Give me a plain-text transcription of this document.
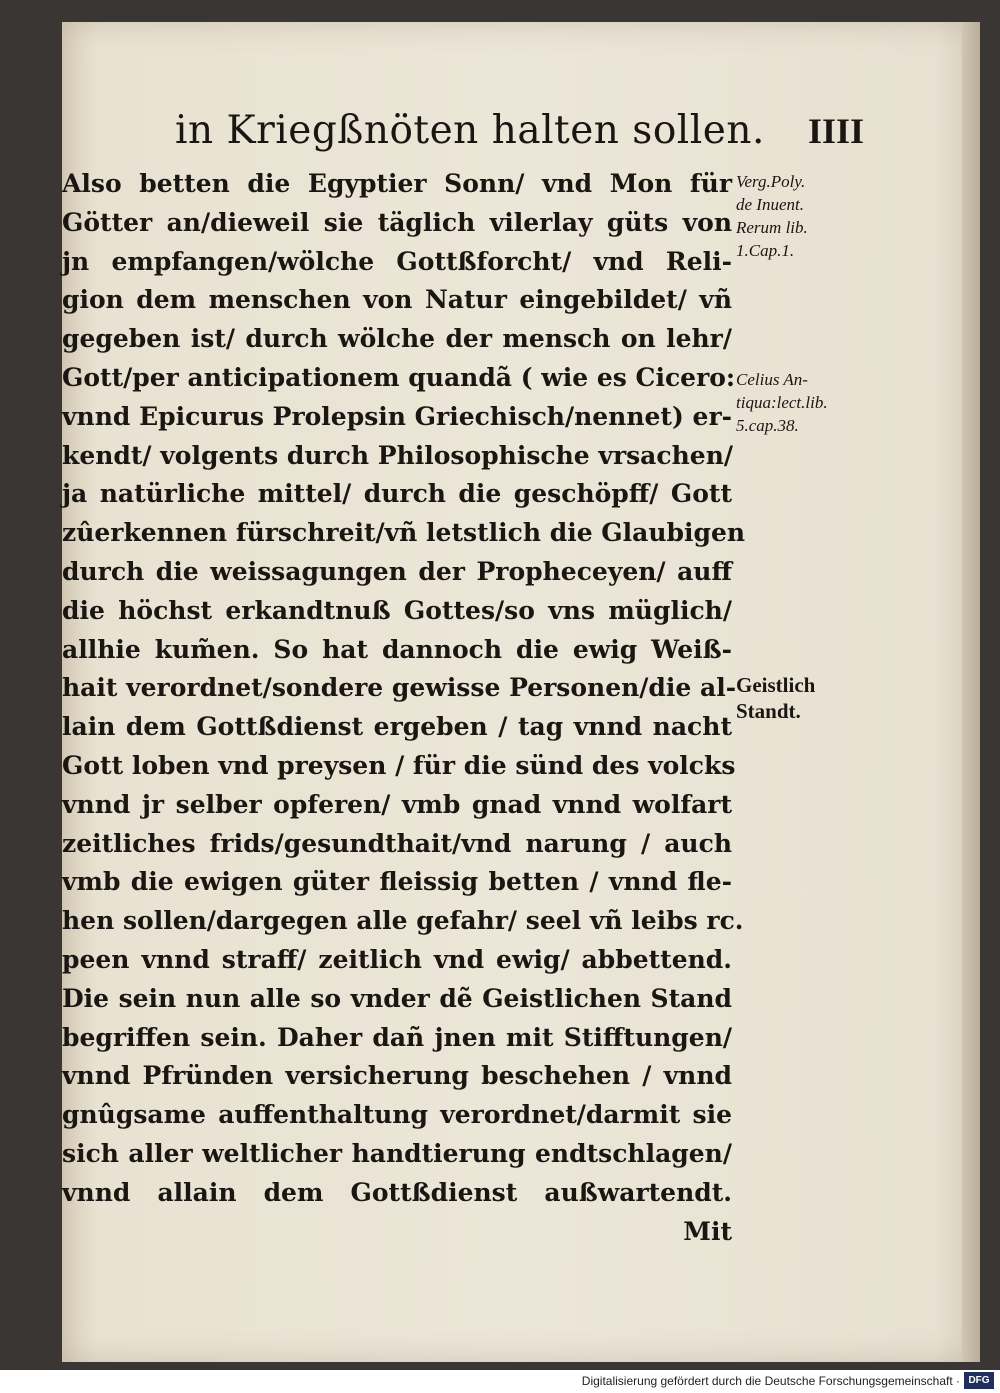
in Kriegßnöten halten sollen. IIII
Also betten die Egyptier Sonn/ vnd Mon für
Götter an/dieweil sie täglich vilerlay güts von
jn empfangen/wölche Gottßforcht/ vnd Reli-
gion dem menschen von Natur eingebildet/ vñ
gegeben ist/ durch wölche der mensch on lehr/
Gott/per anticipationem quandã ( wie es Cicero:
vnnd Epicurus Prolepsin Griechisch/nennet) er-
kendt/ volgents durch Philosophische vrsachen/
ja natürliche mittel/ durch die geschöpff/ Gott
zûerkennen fürschreit/vñ letstlich die Glaubigen
durch die weissagungen der Propheceyen/ auff
die höchst erkandtnuß Gottes/so vns müglich/
allhie kum̃en. So hat dannoch die ewig Weiß-
hait verordnet/sondere gewisse Personen/die al-
lain dem Gottßdienst ergeben / tag vnnd nacht
Gott loben vnd preysen / für die sünd des volcks
vnnd jr selber opferen/ vmb gnad vnnd wolfart
zeitliches frids/gesundthait/vnd narung / auch
vmb die ewigen güter fleissig betten / vnnd fle-
hen sollen/dargegen alle gefahr/ seel vñ leibs rc.
peen vnnd straff/ zeitlich vnd ewig/ abbettend.
Die sein nun alle so vnder dẽ Geistlichen Stand
begriffen sein. Daher dañ jnen mit Stifftungen/
vnnd Pfründen versicherung beschehen / vnnd
gnûgsame auffenthaltung verordnet/darmit sie
sich aller weltlicher handtierung endtschlagen/
vnnd allain dem Gottßdienst außwartendt.
Mit
Verg.Poly.
de Inuent.
Rerum lib.
1.Cap.1.
Celius An-
tiqua:lect.lib.
5.cap.38.
Geistlich
Standt.
Digitalisierung gefördert durch die Deutsche Forschungsgemeinschaft · DFG
